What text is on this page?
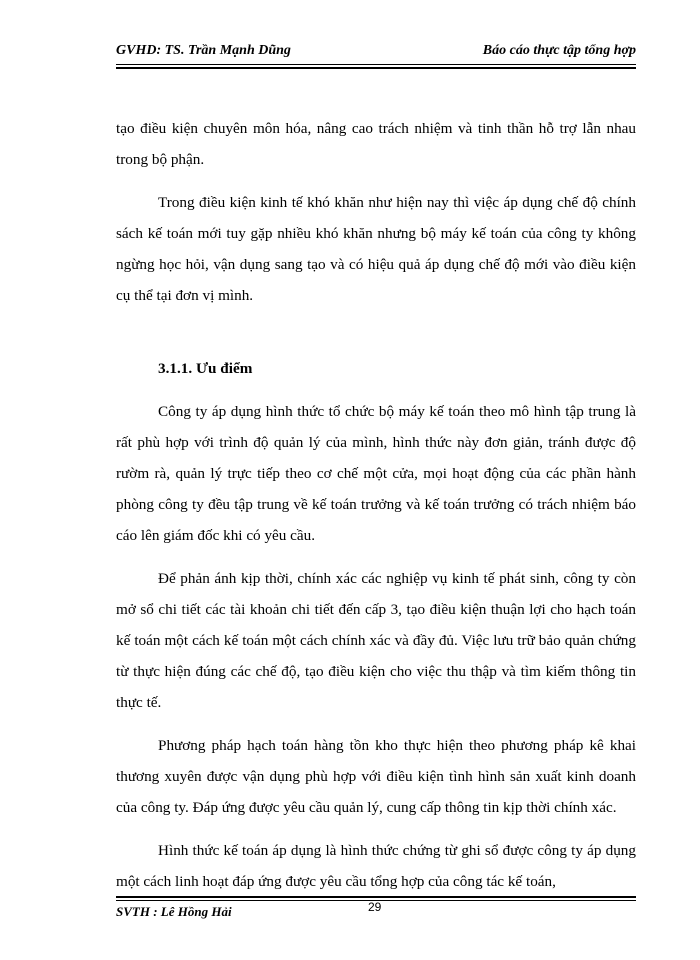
GVHD: TS. Trần Mạnh Dũng	Báo cáo thực tập tổng hợp

tạo điều kiện chuyên môn hóa, nâng cao trách nhiệm và tinh thần hỗ trợ lẫn nhau trong bộ phận.

Trong điều kiện kinh tế khó khăn như hiện nay thì việc áp dụng chế độ chính sách kế toán mới tuy gặp nhiều khó khăn nhưng bộ máy kế toán của công ty không ngừng học hỏi, vận dụng sang tạo và có hiệu quả áp dụng chế độ mới vào điều kiện cụ thể tại đơn vị mình.

3.1.1. Ưu điểm

Công ty áp dụng hình thức tổ chức bộ máy kế toán theo mô hình tập trung là rất phù hợp với trình độ quản lý của mình, hình thức này đơn giản, tránh được độ rườm rà, quản lý trực tiếp theo cơ chế một cửa, mọi hoạt động của các phần hành phòng công ty đều tập trung về kế toán trưởng và kế toán trưởng có trách nhiệm báo cáo lên giám đốc khi có yêu cầu.

Để phản ánh kịp thời, chính xác các nghiệp vụ kinh tế phát sinh, công ty còn mở sổ chi tiết các tài khoản chi tiết đến cấp 3, tạo điều kiện thuận lợi cho hạch toán kế toán một cách kế toán một cách chính xác và đầy đủ. Việc lưu trữ bảo quản chứng từ thực hiện đúng các chế độ, tạo điều kiện cho việc thu thập và tìm kiếm thông tin thực tế.

Phương pháp hạch toán hàng tồn kho thực hiện theo phương pháp kê khai thương xuyên được vận dụng phù hợp với điều kiện tình hình sản xuất kinh doanh của công ty. Đáp ứng được yêu cầu quản lý, cung cấp thông tin kịp thời chính xác.

Hình thức kế toán áp dụng là hình thức chứng từ ghi sổ được công ty áp dụng một cách linh hoạt đáp ứng được yêu cầu tổng hợp của công tác kế toán,

SVTH : Lê Hồng Hải	29
